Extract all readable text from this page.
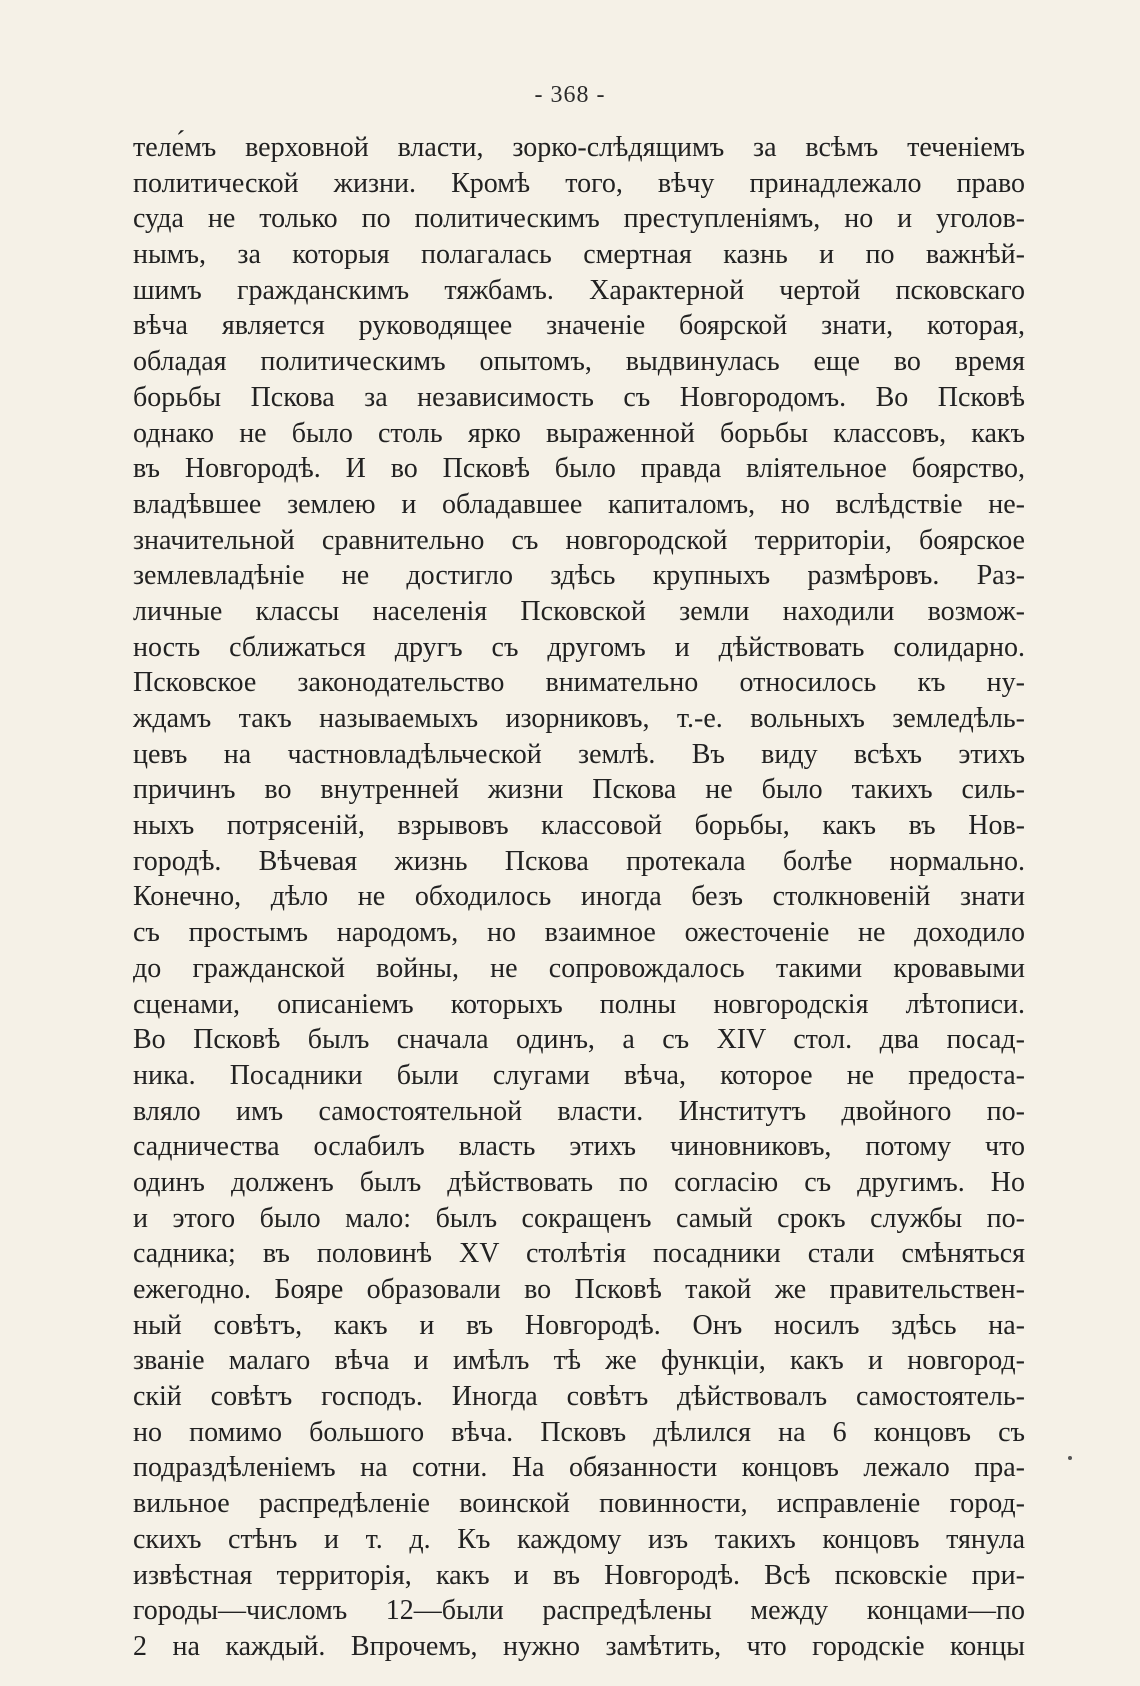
- 368 -
теле́мъ верховной власти, зорко-слѣдящимъ за всѣмъ теченіемъ
политической жизни. Кромѣ того, вѣчу принадлежало право
суда не только по политическимъ преступленіямъ, но и уголов-
нымъ, за которыя полагалась смертная казнь и по важнѣй-
шимъ гражданскимъ тяжбамъ. Характерной чертой псковскаго
вѣча является руководящее значеніе боярской знати, которая,
обладая политическимъ опытомъ, выдвинулась еще во время
борьбы Пскова за независимость съ Новгородомъ. Во Псковѣ
однако не было столь ярко выраженной борьбы классовъ, какъ
въ Новгородѣ. И во Псковѣ было правда вліятельное боярство,
владѣвшее землею и обладавшее капиталомъ, но вслѣдствіе не-
значительной сравнительно съ новгородской территоріи, боярское
землевладѣніе не достигло здѣсь крупныхъ размѣровъ. Раз-
личные классы населенія Псковской земли находили возмож-
ность сближаться другъ съ другомъ и дѣйствовать солидарно.
Псковское законодательство внимательно относилось къ ну-
ждамъ такъ называемыхъ изорниковъ, т.-е. вольныхъ земледѣль-
цевъ на частновладѣльческой землѣ. Въ виду всѣхъ этихъ
причинъ во внутренней жизни Пскова не было такихъ силь-
ныхъ потрясеній, взрывовъ классовой борьбы, какъ въ Нов-
городѣ. Вѣчевая жизнь Пскова протекала болѣе нормально.
Конечно, дѣло не обходилось иногда безъ столкновеній знати
съ простымъ народомъ, но взаимное ожесточеніе не доходило
до гражданской войны, не сопровождалось такими кровавыми
сценами, описаніемъ которыхъ полны новгородскія лѣтописи.
Во Псковѣ былъ сначала одинъ, а съ XIV стол. два посад-
ника. Посадники были слугами вѣча, которое не предоста-
вляло имъ самостоятельной власти. Институтъ двойного по-
садничества ослабилъ власть этихъ чиновниковъ, потому что
одинъ долженъ былъ дѣйствовать по согласію съ другимъ. Но
и этого было мало: былъ сокращенъ самый срокъ службы по-
садника; въ половинѣ XV столѣтія посадники стали смѣняться
ежегодно. Бояре образовали во Псковѣ такой же правительствен-
ный совѣтъ, какъ и въ Новгородѣ. Онъ носилъ здѣсь на-
званіе малаго вѣча и имѣлъ тѣ же функціи, какъ и новгород-
скій совѣтъ господъ. Иногда совѣтъ дѣйствовалъ самостоятель-
но помимо большого вѣча. Псковъ дѣлился на 6 концовъ съ
подраздѣленіемъ на сотни. На обязанности концовъ лежало пра-
вильное распредѣленіе воинской повинности, исправленіе город-
скихъ стѣнъ и т. д. Къ каждому изъ такихъ концовъ тянула
извѣстная территорія, какъ и въ Новгородѣ. Всѣ псковскіе при-
городы—числомъ 12—были распредѣлены между концами—по
2 на каждый. Впрочемъ, нужно замѣтить, что городскіе концы
